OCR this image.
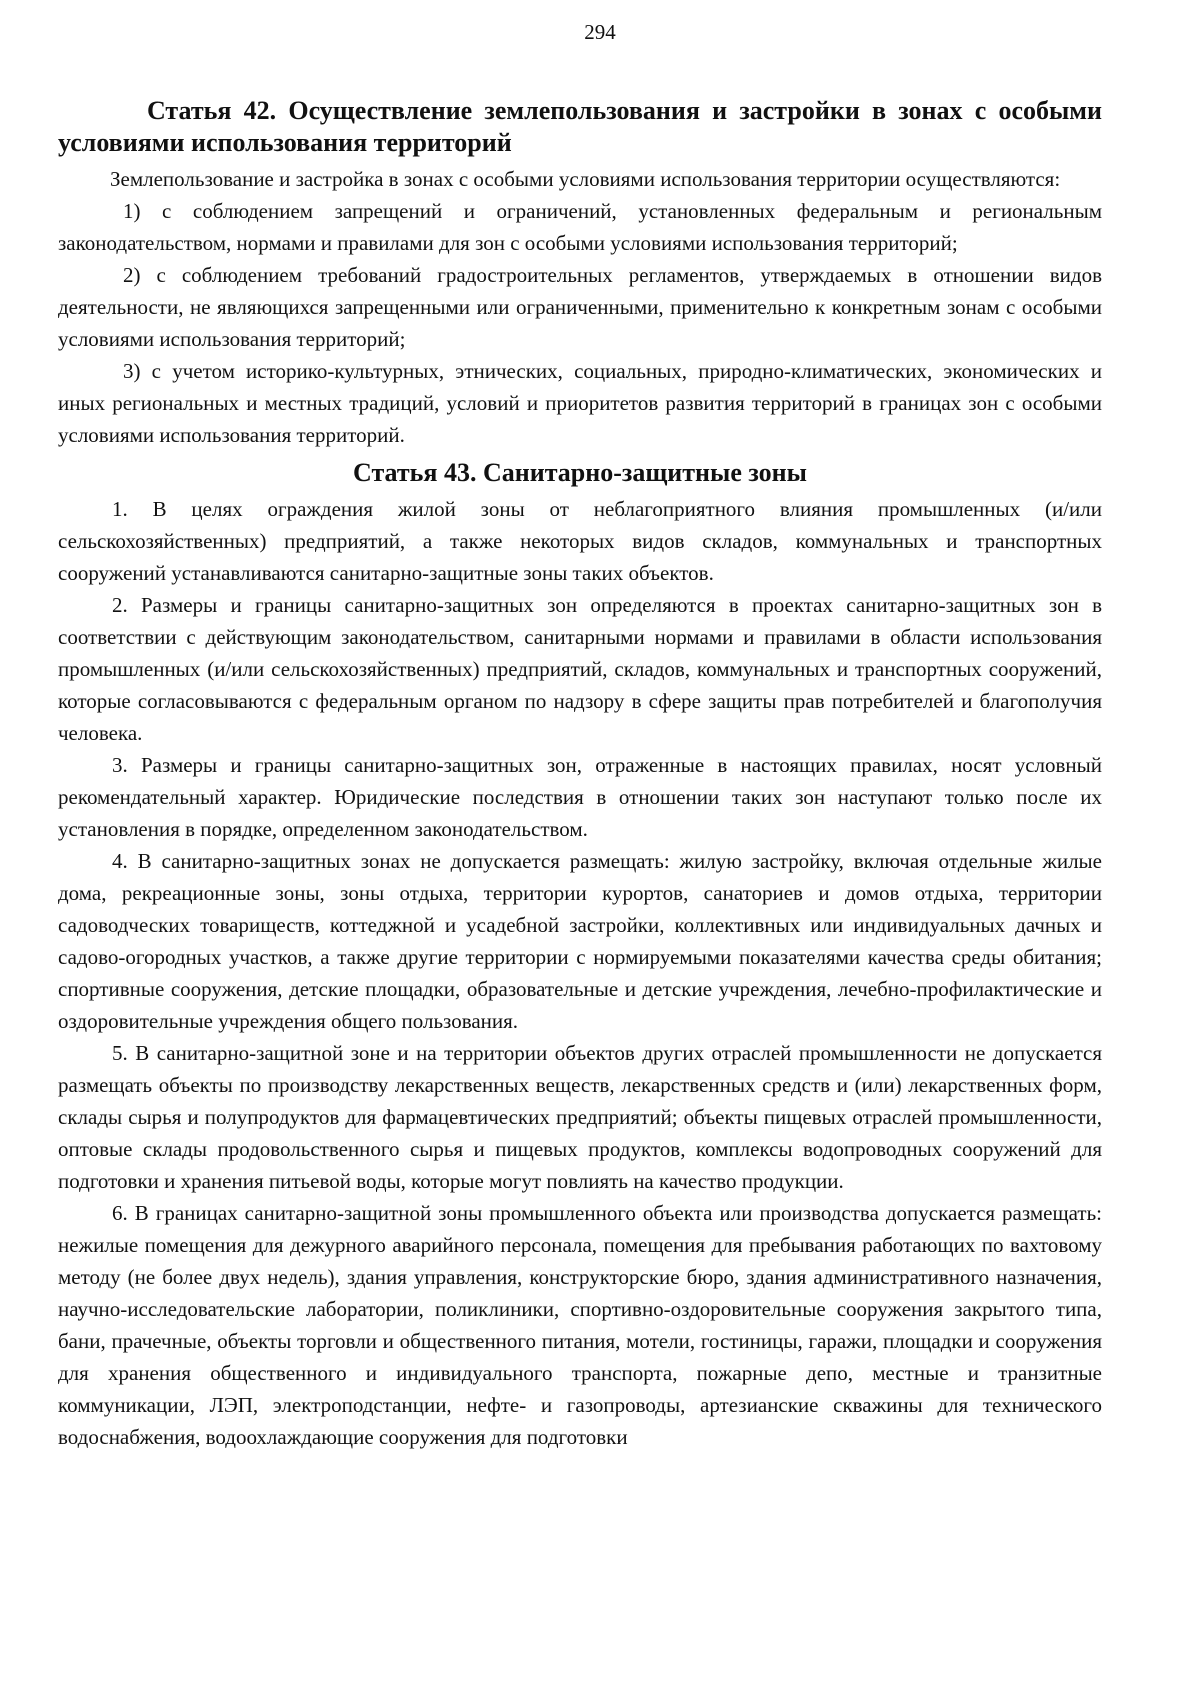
294
Статья 42. Осуществление землепользования и застройки в зонах с особыми условиями использования территорий

Землепользование и застройка в зонах с особыми условиями использования территории осуществляются:

1) с соблюдением запрещений и ограничений, установленных федеральным и региональным законодательством, нормами и правилами для зон с особыми условиями использования территорий;

2) с соблюдением требований градостроительных регламентов, утверждаемых в отношении видов деятельности, не являющихся запрещенными или ограниченными, применительно к конкретным зонам с особыми условиями использования территорий;

3) с учетом историко-культурных, этнических, социальных, природно-климатических, экономических и иных региональных и местных традиций, условий и приоритетов развития территорий в границах зон с особыми условиями использования территорий.

Статья 43. Санитарно-защитные зоны

1. В целях ограждения жилой зоны от неблагоприятного влияния промышленных (и/или сельскохозяйственных) предприятий, а также некоторых видов складов, коммунальных и транспортных сооружений устанавливаются санитарно-защитные зоны таких объектов.

2. Размеры и границы санитарно-защитных зон определяются в проектах санитарно-защитных зон в соответствии с действующим законодательством, санитарными нормами и правилами в области использования промышленных (и/или сельскохозяйственных) предприятий, складов, коммунальных и транспортных сооружений, которые согласовываются с федеральным органом по надзору в сфере защиты прав потребителей и благополучия человека.

3. Размеры и границы санитарно-защитных зон, отраженные в настоящих правилах, носят условный рекомендательный характер. Юридические последствия в отношении таких зон наступают только после их установления в порядке, определенном законодательством.

4. В санитарно-защитных зонах не допускается размещать: жилую застройку, включая отдельные жилые дома, рекреационные зоны, зоны отдыха, территории курортов, санаториев и домов отдыха, территории садоводческих товариществ, коттеджной и усадебной застройки, коллективных или индивидуальных дачных и садово-огородных участков, а также другие территории с нормируемыми показателями качества среды обитания; спортивные сооружения, детские площадки, образовательные и детские учреждения, лечебно-профилактические и оздоровительные учреждения общего пользования.

5. В санитарно-защитной зоне и на территории объектов других отраслей промышленности не допускается размещать объекты по производству лекарственных веществ, лекарственных средств и (или) лекарственных форм, склады сырья и полупродуктов для фармацевтических предприятий; объекты пищевых отраслей промышленности, оптовые склады продовольственного сырья и пищевых продуктов, комплексы водопроводных сооружений для подготовки и хранения питьевой воды, которые могут повлиять на качество продукции.

6. В границах санитарно-защитной зоны промышленного объекта или производства допускается размещать: нежилые помещения для дежурного аварийного персонала, помещения для пребывания работающих по вахтовому методу (не более двух недель), здания управления, конструкторские бюро, здания административного назначения, научно-исследовательские лаборатории, поликлиники, спортивно-оздоровительные сооружения закрытого типа, бани, прачечные, объекты торговли и общественного питания, мотели, гостиницы, гаражи, площадки и сооружения для хранения общественного и индивидуального транспорта, пожарные депо, местные и транзитные коммуникации, ЛЭП, электроподстанции, нефте- и газопроводы, артезианские скважины для технического водоснабжения, водоохлаждающие сооружения для подготовки
